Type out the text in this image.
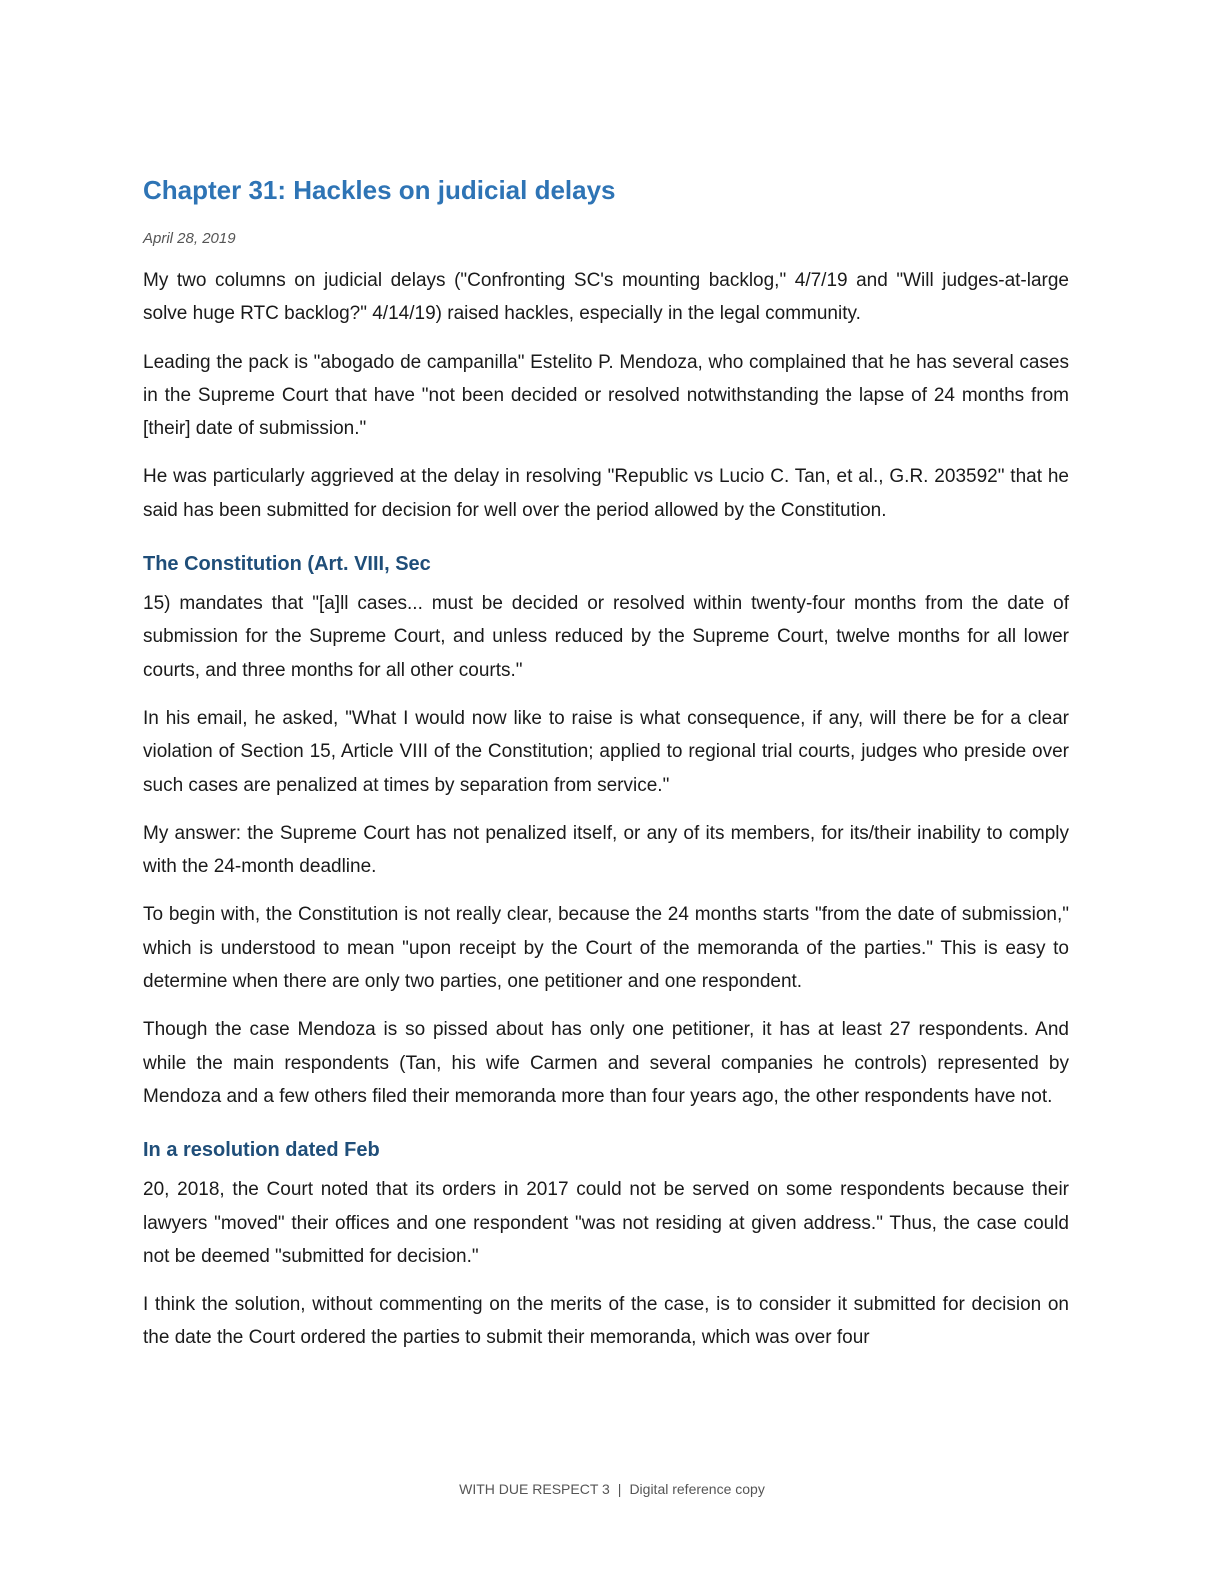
Chapter 31: Hackles on judicial delays
April 28, 2019

My two columns on judicial delays ("Confronting SC's mounting backlog," 4/7/19 and "Will judges-at-large solve huge RTC backlog?" 4/14/19) raised hackles, especially in the legal community.

Leading the pack is "abogado de campanilla" Estelito P. Mendoza, who complained that he has several cases in the Supreme Court that have "not been decided or resolved notwithstanding the lapse of 24 months from [their] date of submission."

He was particularly aggrieved at the delay in resolving "Republic vs Lucio C. Tan, et al., G.R. 203592" that he said has been submitted for decision for well over the period allowed by the Constitution.

The Constitution (Art. VIII, Sec

15) mandates that "[a]ll cases... must be decided or resolved within twenty-four months from the date of submission for the Supreme Court, and unless reduced by the Supreme Court, twelve months for all lower courts, and three months for all other courts."

In his email, he asked, "What I would now like to raise is what consequence, if any, will there be for a clear violation of Section 15, Article VIII of the Constitution; applied to regional trial courts, judges who preside over such cases are penalized at times by separation from service."

My answer: the Supreme Court has not penalized itself, or any of its members, for its/their inability to comply with the 24-month deadline.

To begin with, the Constitution is not really clear, because the 24 months starts "from the date of submission," which is understood to mean "upon receipt by the Court of the memoranda of the parties." This is easy to determine when there are only two parties, one petitioner and one respondent.

Though the case Mendoza is so pissed about has only one petitioner, it has at least 27 respondents. And while the main respondents (Tan, his wife Carmen and several companies he controls) represented by Mendoza and a few others filed their memoranda more than four years ago, the other respondents have not.

In a resolution dated Feb

20, 2018, the Court noted that its orders in 2017 could not be served on some respondents because their lawyers "moved" their offices and one respondent "was not residing at given address." Thus, the case could not be deemed "submitted for decision."

I think the solution, without commenting on the merits of the case, is to consider it submitted for decision on the date the Court ordered the parties to submit their memoranda, which was over four

WITH DUE RESPECT 3 | Digital reference copy
